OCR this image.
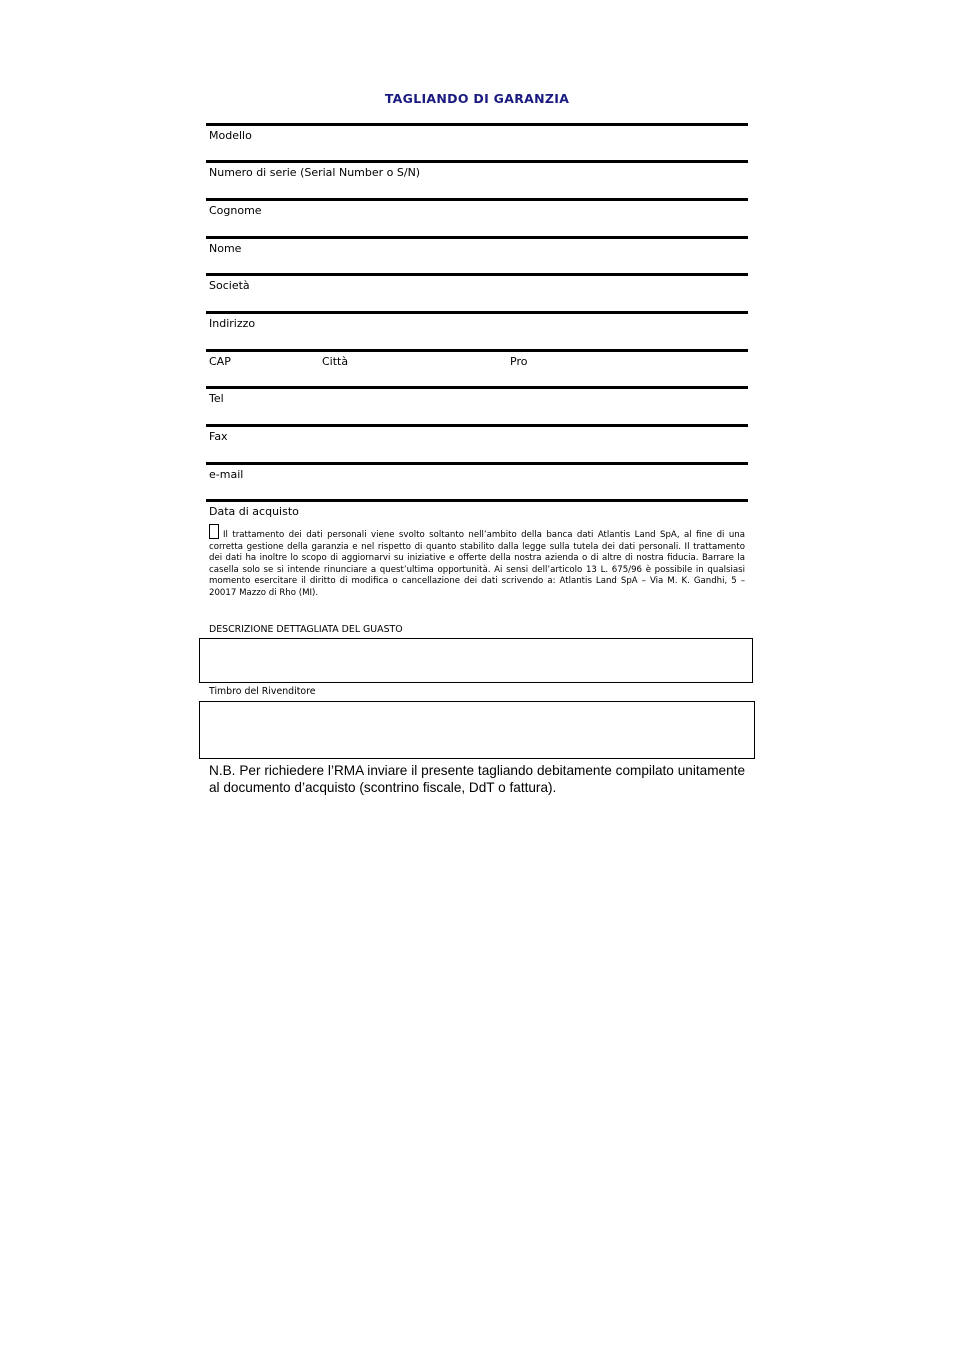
TAGLIANDO DI GARANZIA
Modello
Numero di serie (Serial Number o S/N)
Cognome
Nome
Società
Indirizzo
CAP	Città	Pro
Tel
Fax
e-mail
Data di acquisto
Il trattamento dei dati personali viene svolto soltanto nell’ambito della banca dati Atlantis Land SpA, al fine di una corretta gestione della garanzia e nel rispetto di quanto stabilito dalla legge sulla tutela dei dati personali. Il trattamento dei dati ha inoltre lo scopo di aggiornarvi su iniziative e offerte della nostra azienda o di altre di nostra fiducia. Barrare la casella solo se si intende rinunciare a quest’ultima opportunità. Ai sensi dell’articolo 13 L. 675/96 è possibile in qualsiasi momento esercitare il diritto di modifica o cancellazione dei dati scrivendo a: Atlantis Land SpA – Via M. K. Gandhi, 5 – 20017 Mazzo di Rho (MI).
DESCRIZIONE DETTAGLIATA DEL GUASTO
Timbro del Rivenditore
N.B. Per richiedere l’RMA inviare il presente tagliando debitamente compilato unitamente al documento d’acquisto (scontrino fiscale, DdT o fattura).
